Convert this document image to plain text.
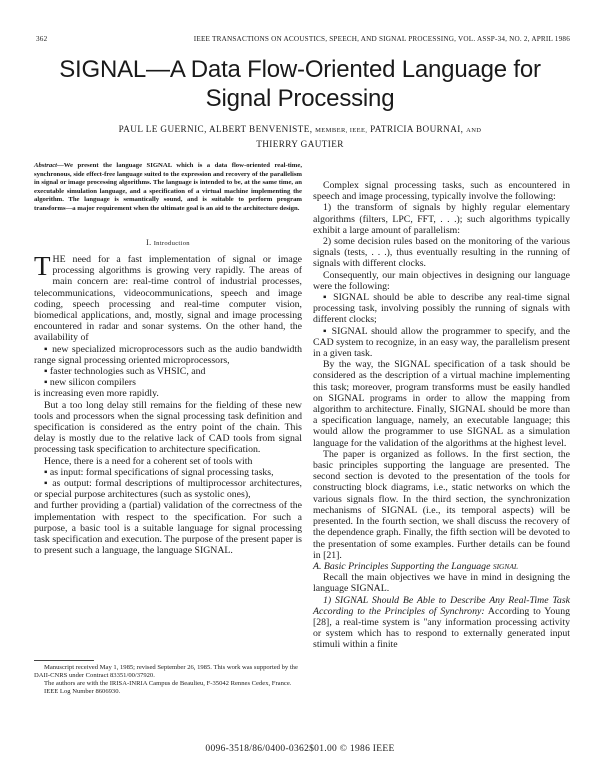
362	IEEE TRANSACTIONS ON ACOUSTICS, SPEECH, AND SIGNAL PROCESSING, VOL. ASSP-34, NO. 2, APRIL 1986
SIGNAL—A Data Flow-Oriented Language for
Signal Processing
PAUL LE GUERNIC, ALBERT BENVENISTE, MEMBER, IEEE, PATRICIA BOURNAI, AND
THIERRY GAUTIER
Abstract—We present the language SIGNAL which is a data flow-oriented real-time, synchronous, side effect-free language suited to the expression and recovery of the parallelism in signal or image processing algorithms. The language is intended to be, at the same time, an executable simulation language, and a specification of a virtual machine implementing the algorithm. The language is semantically sound, and is suitable to perform program transforms—a major requirement when the ultimate goal is an aid to the architecture design.
I. Introduction

THE need for a fast implementation of signal or image processing algorithms is growing very rapidly. The areas of main concern are: real-time control of industrial processes, telecommunications, videocommunications, speech and image coding, speech processing and real-time computer vision, biomedical applications, and, mostly, signal and image processing encountered in radar and sonar systems. On the other hand, the availability of

▪ new specialized microprocessors such as the audio bandwidth range signal processing oriented microprocessors,

▪ faster technologies such as VHSIC, and

▪ new silicon compilers

is increasing even more rapidly.

But a too long delay still remains for the fielding of these new tools and processors when the signal processing task definition and specification is considered as the entry point of the chain. This delay is mostly due to the relative lack of CAD tools from signal processing task specification to architecture specification.

Hence, there is a need for a coherent set of tools with

▪ as input: formal specifications of signal processing tasks,

▪ as output: formal descriptions of multiprocessor architectures, or special purpose architectures (such as systolic ones),

and further providing a (partial) validation of the correctness of the implementation with respect to the specification. For such a purpose, a basic tool is a suitable language for signal processing task specification and execution. The purpose of the present paper is to present such a language, the language SIGNAL.

Manuscript received May 1, 1985; revised September 26, 1985. This work was supported by the DAII-CNRS under Contract 83351/00/37920.

The authors are with the IRISA-INRIA Campus de Beaulieu, F-35042 Rennes Cedex, France.

IEEE Log Number 8606930.

Complex signal processing tasks, such as encountered in speech and image processing, typically involve the following:

1) the transform of signals by highly regular elementary algorithms (filters, LPC, FFT, . . .); such algorithms typically exhibit a large amount of parallelism:

2) some decision rules based on the monitoring of the various signals (tests, . . .), thus eventually resulting in the running of signals with different clocks.

Consequently, our main objectives in designing our language were the following:

▪ SIGNAL should be able to describe any real-time signal processing task, involving possibly the running of signals with different clocks;

▪ SIGNAL should allow the programmer to specify, and the CAD system to recognize, in an easy way, the parallelism present in a given task.

By the way, the SIGNAL specification of a task should be considered as the description of a virtual machine implementing this task; moreover, program transforms must be easily handled on SIGNAL programs in order to allow the mapping from algorithm to architecture. Finally, SIGNAL should be more than a specification language, namely, an executable language; this would allow the programmer to use SIGNAL as a simulation language for the validation of the algorithms at the highest level.

The paper is organized as follows. In the first section, the basic principles supporting the language are presented. The second section is devoted to the presentation of the tools for constructing block diagrams, i.e., static networks on which the various signals flow. In the third section, the synchronization mechanisms of SIGNAL (i.e., its temporal aspects) will be presented. In the fourth section, we shall discuss the recovery of the dependence graph. Finally, the fifth section will be devoted to the presentation of some examples. Further details can be found in [21].

A. Basic Principles Supporting the Language SIGNAL

Recall the main objectives we have in mind in designing the language SIGNAL.

1) SIGNAL Should Be Able to Describe Any Real-Time Task According to the Principles of Synchrony: According to Young [28], a real-time system is "any information processing activity or system which has to respond to externally generated input stimuli within a finite

0096-3518/86/0400-0362$01.00 © 1986 IEEE
